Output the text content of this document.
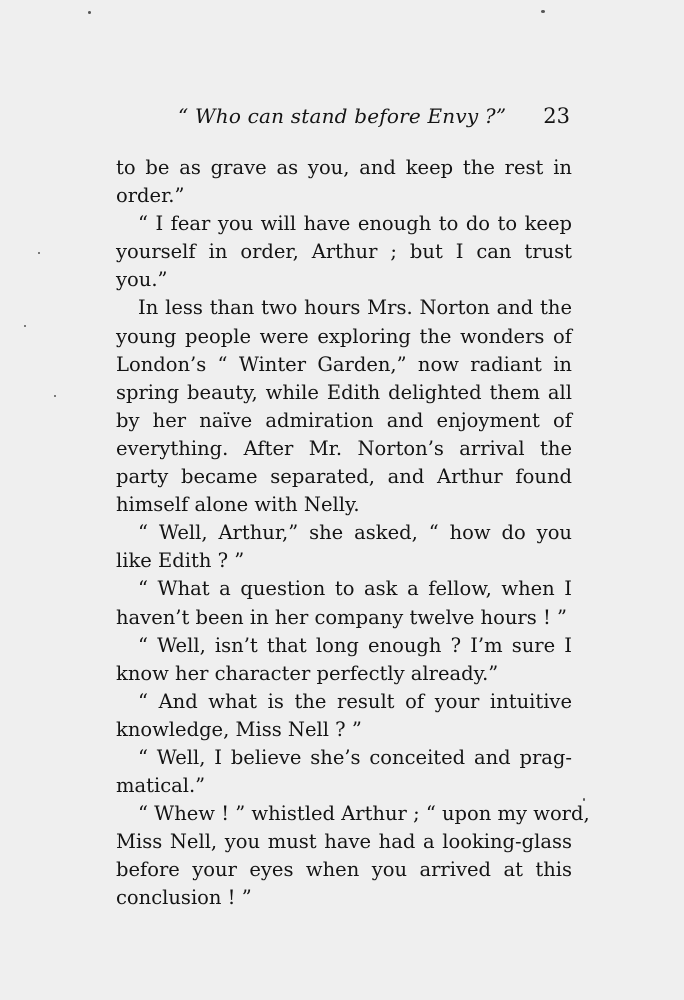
“ Who can stand before Envy ?” 23
to be as grave as you, and keep the rest in
order.”
“ I fear you will have enough to do to keep
yourself in order, Arthur ; but I can trust
you.”
In less than two hours Mrs. Norton and the
young people were exploring the wonders of
London’s “ Winter Garden,” now radiant in
spring beauty, while Edith delighted them all
by her naïve admiration and enjoyment of
everything. After Mr. Norton’s arrival the
party became separated, and Arthur found
himself alone with Nelly.
“ Well, Arthur,” she asked, “ how do you
like Edith ? ”
“ What a question to ask a fellow, when I
haven’t been in her company twelve hours ! ”
“ Well, isn’t that long enough ? I’m sure I
know her character perfectly already.”
“ And what is the result of your intuitive
knowledge, Miss Nell ? ”
“ Well, I believe she’s conceited and prag-
matical.”
“ Whew ! ” whistled Arthur ; “ upon my word,
Miss Nell, you must have had a looking-glass
before your eyes when you arrived at this
conclusion ! ”
